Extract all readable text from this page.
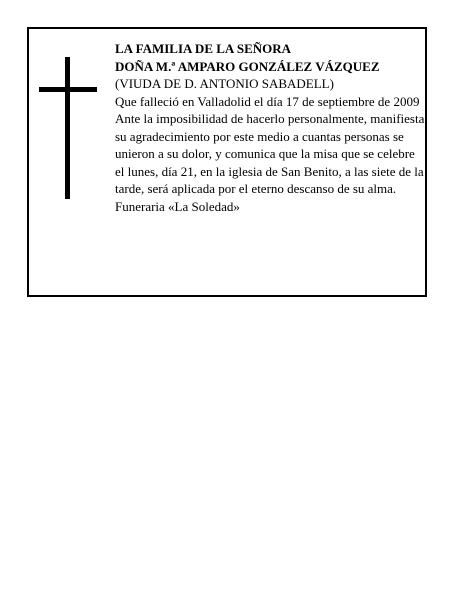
LA FAMILIA DE LA SEÑORA

DOÑA M.ª AMPARO GONZÁLEZ VÁZQUEZ

(VIUDA DE D. ANTONIO SABADELL)

Que falleció en Valladolid el día 17 de septiembre de 2009

Ante la imposibilidad de hacerlo personalmente, manifiesta su agradecimiento por este medio a cuantas personas se unieron a su dolor, y comunica que la misa que se celebre el lunes, día 21, en la iglesia de San Benito, a las siete de la tarde, será aplicada por el eterno descanso de su alma.

Funeraria «La Soledad»
